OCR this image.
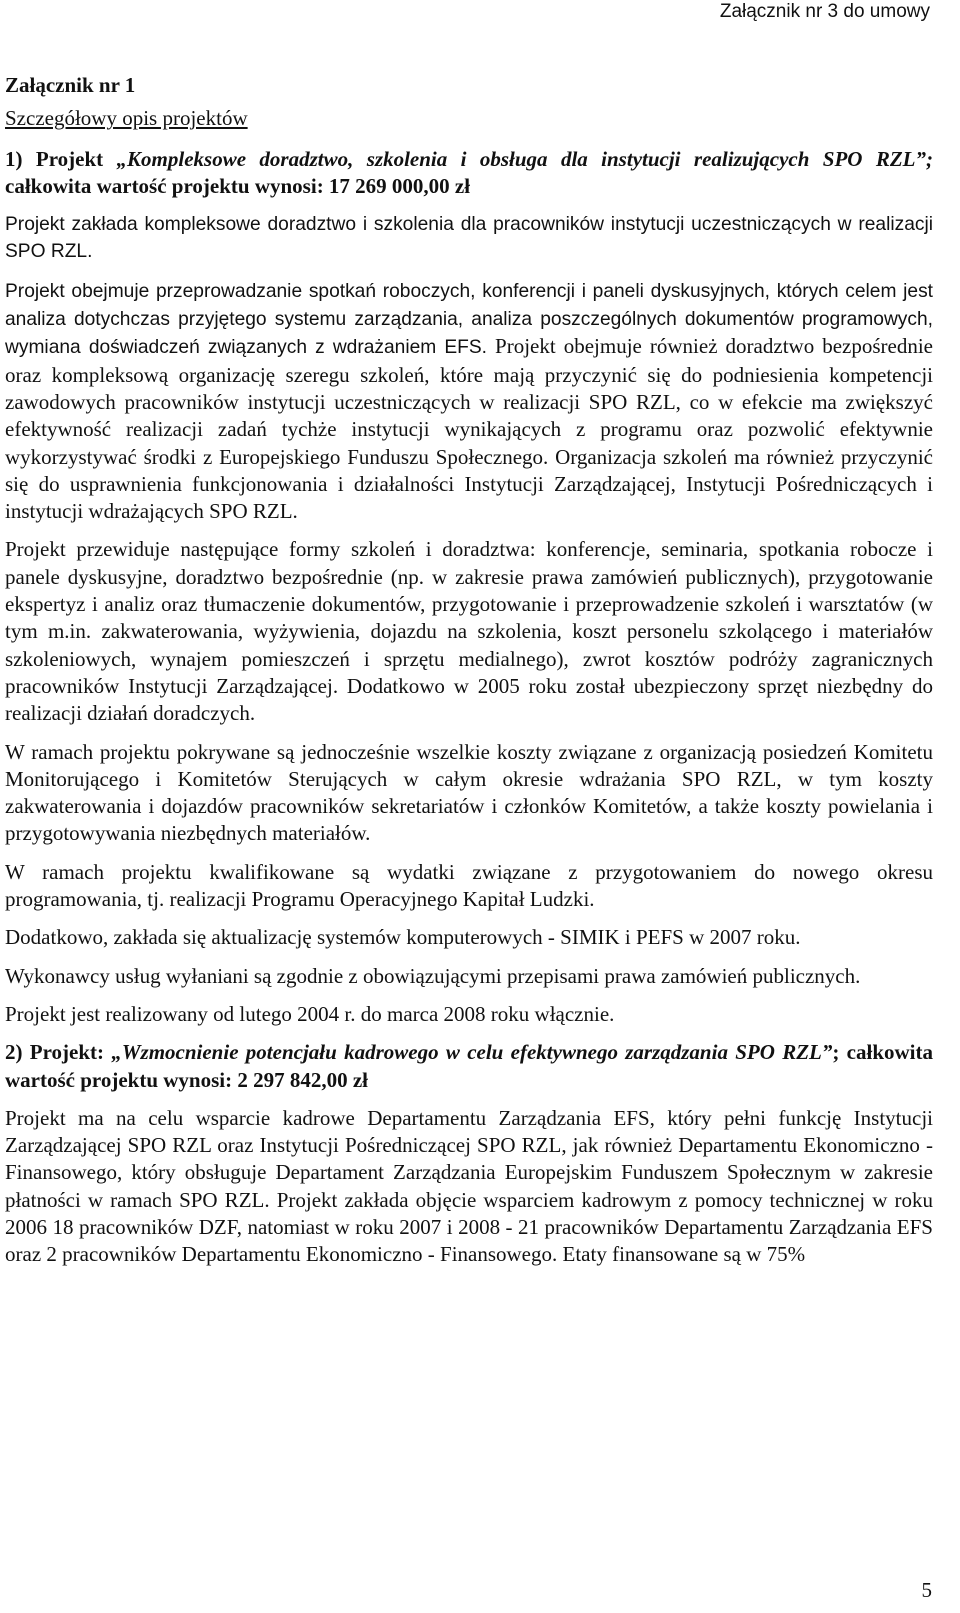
Załącznik nr 3 do umowy

Załącznik nr 1

Szczegółowy opis projektów

1) Projekt „Kompleksowe doradztwo, szkolenia i obsługa dla instytucji realizujących SPO RZL”; całkowita wartość projektu wynosi: 17 269 000,00 zł

Projekt zakłada kompleksowe doradztwo i szkolenia dla pracowników instytucji uczestniczących w realizacji SPO RZL.

Projekt obejmuje przeprowadzanie spotkań roboczych, konferencji i paneli dyskusyjnych, których celem jest analiza dotychczas przyjętego systemu zarządzania, analiza poszczególnych dokumentów programowych, wymiana doświadczeń związanych z wdrażaniem EFS. Projekt obejmuje również doradztwo bezpośrednie oraz kompleksową organizację szeregu szkoleń, które mają przyczynić się do podniesienia kompetencji zawodowych pracowników instytucji uczestniczących w realizacji SPO RZL, co w efekcie ma zwiększyć efektywność realizacji zadań tychże instytucji wynikających z programu oraz pozwolić efektywnie wykorzystywać środki z Europejskiego Funduszu Społecznego. Organizacja szkoleń ma również przyczynić się do usprawnienia funkcjonowania i działalności Instytucji Zarządzającej, Instytucji Pośredniczących i instytucji wdrażających SPO RZL.

Projekt przewiduje następujące formy szkoleń i doradztwa: konferencje, seminaria, spotkania robocze i panele dyskusyjne, doradztwo bezpośrednie (np. w zakresie prawa zamówień publicznych), przygotowanie ekspertyz i analiz oraz tłumaczenie dokumentów, przygotowanie i przeprowadzenie szkoleń i warsztatów (w tym m.in. zakwaterowania, wyżywienia, dojazdu na szkolenia, koszt personelu szkolącego i materiałów szkoleniowych, wynajem pomieszczeń i sprzętu medialnego), zwrot kosztów podróży zagranicznych pracowników Instytucji Zarządzającej. Dodatkowo w 2005 roku został ubezpieczony sprzęt niezbędny do realizacji działań doradczych.

W ramach projektu pokrywane są jednocześnie wszelkie koszty związane z organizacją posiedzeń Komitetu Monitorującego i Komitetów Sterujących w całym okresie wdrażania SPO RZL, w tym koszty zakwaterowania i dojazdów pracowników sekretariatów i członków Komitetów, a także koszty powielania i przygotowywania niezbędnych materiałów.

W ramach projektu kwalifikowane są wydatki związane z przygotowaniem do nowego okresu programowania, tj. realizacji Programu Operacyjnego Kapitał Ludzki.

Dodatkowo, zakłada się aktualizację systemów komputerowych - SIMIK i PEFS w 2007 roku.

Wykonawcy usług wyłaniani są zgodnie z obowiązującymi przepisami prawa zamówień publicznych.

Projekt jest realizowany od lutego 2004 r. do marca 2008 roku włącznie.

2) Projekt: „Wzmocnienie potencjału kadrowego w celu efektywnego zarządzania SPO RZL”; całkowita wartość projektu wynosi: 2 297 842,00 zł

Projekt ma na celu wsparcie kadrowe Departamentu Zarządzania EFS, który pełni funkcję Instytucji Zarządzającej SPO RZL oraz Instytucji Pośredniczącej SPO RZL, jak również Departamentu Ekonomiczno - Finansowego, który obsługuje Departament Zarządzania Europejskim Funduszem Społecznym w zakresie płatności w ramach SPO RZL. Projekt zakłada objęcie wsparciem kadrowym z pomocy technicznej w roku 2006 18 pracowników DZF, natomiast w roku 2007 i 2008 - 21 pracowników Departamentu Zarządzania EFS oraz 2 pracowników Departamentu Ekonomiczno - Finansowego. Etaty finansowane są w 75%

5
